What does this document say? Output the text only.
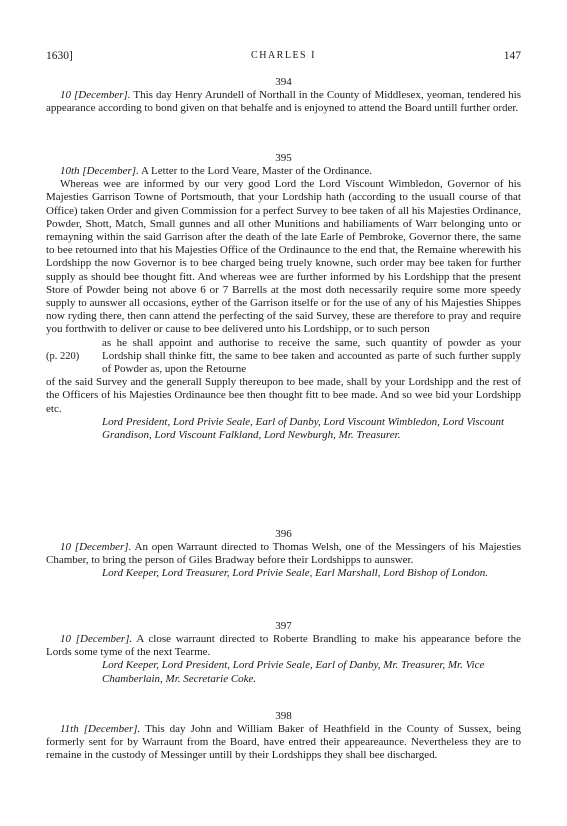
1630]	CHARLES I	147
394

10 [December]. This day Henry Arundell of Northall in the County of Middlesex, yeoman, tendered his appearance according to bond given on that behalfe and is enjoyned to attend the Board untill further order.

395

10th [December]. A Letter to the Lord Veare, Master of the Ordinance.

Whereas wee are informed by our very good Lord the Lord Viscount Wimbledon, Governor of his Majesties Garrison Towne of Portsmouth, that your Lordship hath (according to the usuall course of that Office) taken Order and given Commission for a perfect Survey to bee taken of all his Majesties Ordinance, Powder, Shott, Match, Small gunnes and all other Munitions and habiliaments of Warr belonging unto or remayning within the said Garrison after the death of the late Earle of Pembroke, Governor there, the same to bee retourned into that his Majesties Office of the Ordinaunce to the end that, the Remaine wherewith his Lordshipp the now Governor is to bee charged being truely knowne, such order may bee taken for further supply as should bee thought fitt. And whereas wee are further informed by his Lordshipp that the present Store of Powder being not above 6 or 7 Barrells at the most doth necessarily require some more speedy supply to aunswer all occasions, eyther of the Garrison itselfe or for the use of any of his Majesties Shippes now ryding there, then cann attend the perfecting of the said Survey, these are therefore to pray and require you forthwith to deliver or cause to bee delivered unto his Lordshipp, or to such person

(p. 220)

as he shall appoint and authorise to receive the same, such quantity of powder as your Lordship shall thinke fitt, the same to bee taken and accounted as parte of such further supply of Powder as, upon the Retourne

of the said Survey and the generall Supply thereupon to bee made, shall by your Lordshipp and the rest of the Officers of his Majesties Ordinaunce bee then thought fitt to bee made. And so wee bid your Lordshipp etc.

Lord President, Lord Privie Seale, Earl of Danby, Lord Viscount Wimbledon, Lord Viscount Grandison, Lord Viscount Falkland, Lord Newburgh, Mr. Treasurer.

396

10 [December]. An open Warraunt directed to Thomas Welsh, one of the Messingers of his Majesties Chamber, to bring the person of Giles Bradway before their Lordshipps to aunswer.

Lord Keeper, Lord Treasurer, Lord Privie Seale, Earl Marshall, Lord Bishop of London.

397

10 [December]. A close warraunt directed to Roberte Brandling to make his appearance before the Lords some tyme of the next Tearme.

Lord Keeper, Lord President, Lord Privie Seale, Earl of Danby, Mr. Treasurer, Mr. Vice Chamberlain, Mr. Secretarie Coke.

398

11th [December]. This day John and William Baker of Heathfield in the County of Sussex, being formerly sent for by Warraunt from the Board, have entred their appeareaunce. Nevertheless they are to remaine in the custody of Messinger untill by their Lordshipps they shall bee discharged.
